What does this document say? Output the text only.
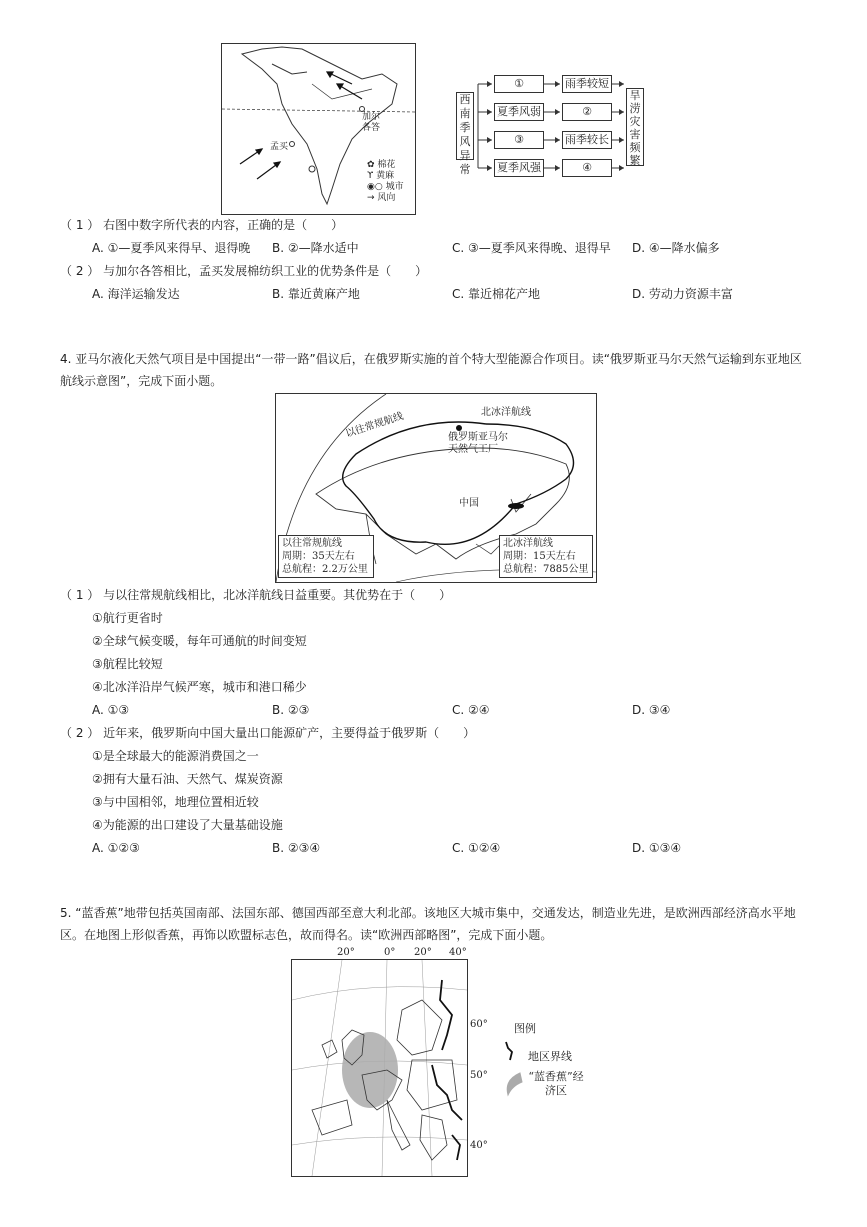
加尔各答
孟买
✿ 棉花
ϒ 黄麻
◉○ 城市
→ 风向
西南季风异常
①
夏季风弱
③
夏季风强
雨季较短
②
雨季较长
④
旱涝灾害频繁
（ 1 ） 右图中数字所代表的内容，正确的是（　　）
A. ①—夏季风来得早、退得晚 B. ②—降水适中	C. ③—夏季风来得晚、退得早 D. ④—降水偏多
（ 2 ） 与加尔各答相比，孟买发展棉纺织工业的优势条件是（　　）
A. 海洋运输发达	B. 靠近黄麻产地	C. 靠近棉花产地	D. 劳动力资源丰富
4. 亚马尔液化天然气项目是中国提出“一带一路”倡议后，在俄罗斯实施的首个特大型能源合作项目。读“俄罗斯亚马尔天然气运输到东亚地区航线示意图”，完成下面小题。
以往常规航线	北冰洋航线
俄罗斯亚马尔天然气工厂
中国
以往常规航线
周期：35天左右
总航程：2.2万公里
北冰洋航线
周期：15天左右
总航程：7885公里
（ 1 ） 与以往常规航线相比，北冰洋航线日益重要。其优势在于（　　）
①航行更省时
②全球气候变暖，每年可通航的时间变短
③航程比较短
④北冰洋沿岸气候严寒，城市和港口稀少
A. ①③	B. ②③	C. ②④	D. ③④
（ 2 ） 近年来，俄罗斯向中国大量出口能源矿产，主要得益于俄罗斯（　　）
①是全球最大的能源消费国之一
②拥有大量石油、天然气、煤炭资源
③与中国相邻，地理位置相近较
④为能源的出口建设了大量基础设施
A. ①②③	B. ②③④	C. ①②④	D. ①③④
5. “蓝香蕉”地带包括英国南部、法国东部、德国西部至意大利北部。该地区大城市集中，交通发达，制造业先进，是欧洲西部经济高水平地区。在地图上形似香蕉，再饰以欧盟标志色，故而得名。读“欧洲西部略图”，完成下面小题。
20°	0° 20° 40°
60°
50°
40°
图例
地区界线
“蓝香蕉”经济区
